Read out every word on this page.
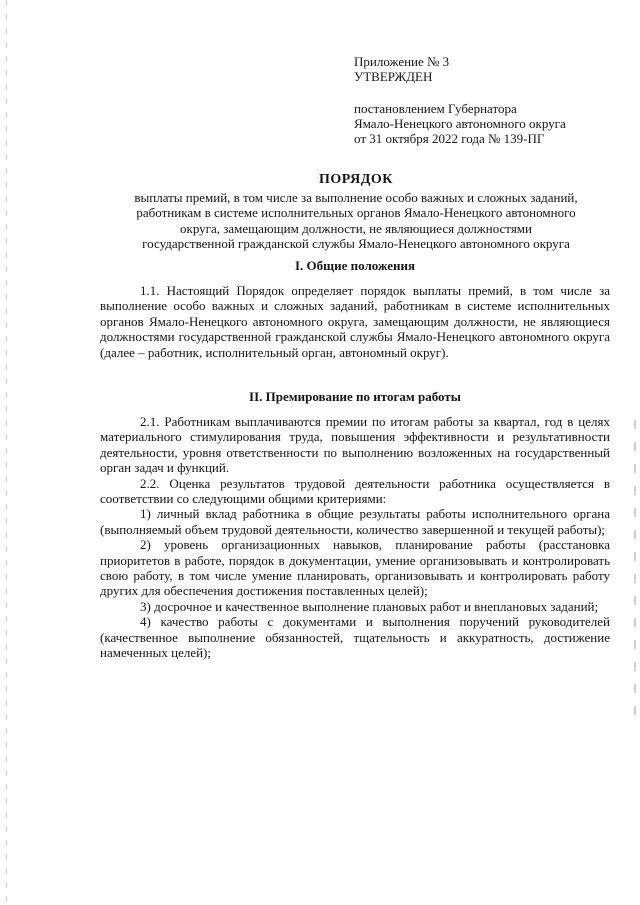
Приложение № 3

УТВЕРЖДЕН

постановлением Губернатора

Ямало-Ненецкого автономного округа

от 31 октября 2022 года № 139-ПГ

ПОРЯДОК

выплаты премий, в том числе за выполнение особо важных и сложных заданий,

работникам в системе исполнительных органов Ямало-Ненецкого автономного

округа, замещающим должности, не являющиеся должностями

государственной гражданской службы Ямало-Ненецкого автономного округа

I. Общие положения

1.1. Настоящий Порядок определяет порядок выплаты премий, в том числе за выполнение особо важных и сложных заданий, работникам в системе исполнительных органов Ямало-Ненецкого автономного округа, замещающим должности, не являющиеся должностями государственной гражданской службы Ямало-Ненецкого автономного округа (далее – работник, исполнительный орган, автономный округ).

II. Премирование по итогам работы

2.1. Работникам выплачиваются премии по итогам работы за квартал, год в целях материального стимулирования труда, повышения эффективности и результативности деятельности, уровня ответственности по выполнению возложенных на государственный орган задач и функций.

2.2. Оценка результатов трудовой деятельности работника осуществляется в соответствии со следующими общими критериями:

1) личный вклад работника в общие результаты работы исполнительного органа (выполняемый объем трудовой деятельности, количество завершенной и текущей работы);

2) уровень организационных навыков, планирование работы (расстановка приоритетов в работе, порядок в документации, умение организовывать и контролировать свою работу, в том числе умение планировать, организовывать и контролировать работу других для обеспечения достижения поставленных целей);

3) досрочное и качественное выполнение плановых работ и внеплановых заданий;

4) качество работы с документами и выполнения поручений руководителей (качественное выполнение обязанностей, тщательность и аккуратность, достижение намеченных целей);
